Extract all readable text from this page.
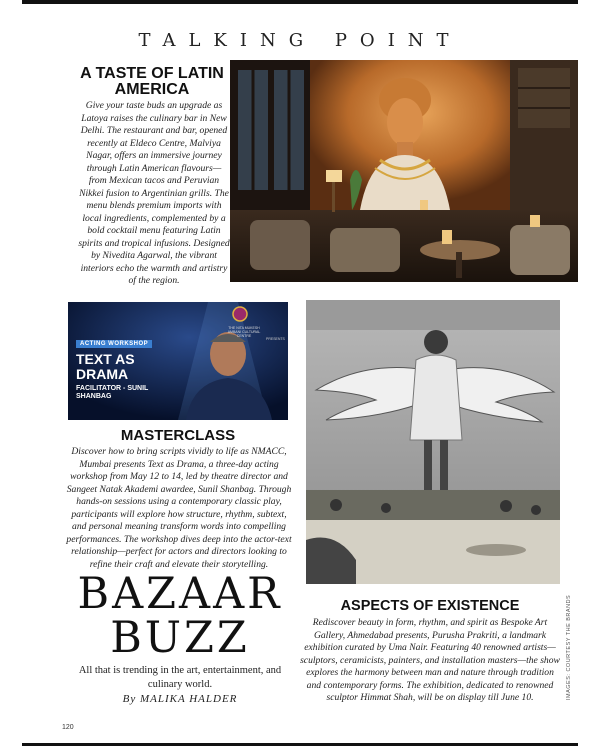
TALKING POINT
A TASTE OF LATIN AMERICA
Give your taste buds an upgrade as Latoya raises the culinary bar in New Delhi. The restaurant and bar, opened recently at Eldeco Centre, Malviya Nagar, offers an immersive journey through Latin American flavours—from Mexican tacos and Peruvian Nikkei fusion to Argentinian grills. The menu blends premium imports with local ingredients, complemented by a bold cocktail menu featuring Latin spirits and tropical infusions. Designed by Nivedita Agarwal, the vibrant interiors echo the warmth and artistry of the region.
THE NITA MUKESH AMBANI CULTURAL CENTRE
PRESENTS
ACTING WORKSHOP
TEXT AS DRAMA
FACILITATOR - SUNIL SHANBAG
MASTERCLASS
Discover how to bring scripts vividly to life as NMACC, Mumbai presents Text as Drama, a three-day acting workshop from May 12 to 14, led by theatre director and Sangeet Natak Akademi awardee, Sunil Shanbag. Through hands-on sessions using a contemporary classic play, participants will explore how structure, rhythm, subtext, and personal meaning transform words into compelling performances. The workshop dives deep into the actor-text relationship—perfect for actors and directors looking to refine their craft and elevate their storytelling.
ASPECTS OF EXISTENCE
Rediscover beauty in form, rhythm, and spirit as Bespoke Art Gallery, Ahmedabad presents, Purusha Prakriti, a landmark exhibition curated by Uma Nair. Featuring 40 renowned artists—sculptors, ceramicists, painters, and installation masters—the show explores the harmony between man and nature through tradition and contemporary forms. The exhibition, dedicated to renowned sculptor Himmat Shah, will be on display till June 10.
BAZAAR
BUZZ
All that is trending in the art, entertainment, and culinary world.
By MALIKA HALDER
120
IMAGES: COURTESY THE BRANDS
